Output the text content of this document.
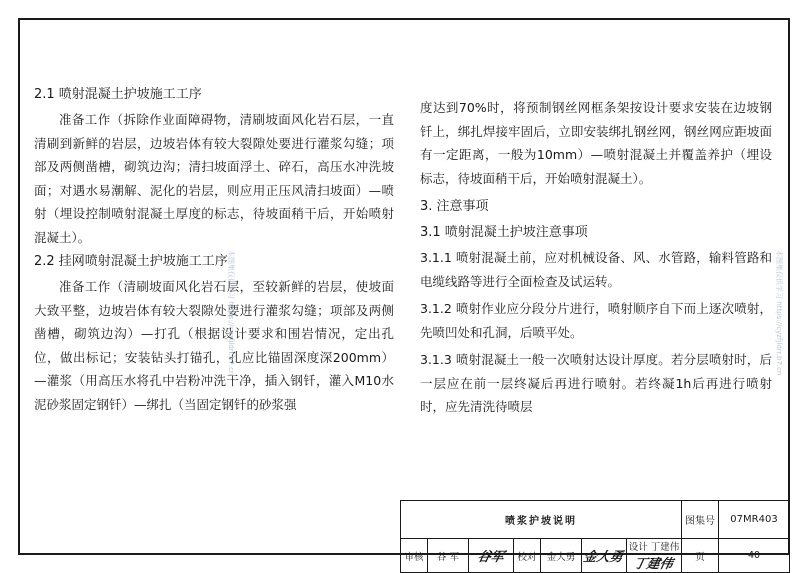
2.1 喷射混凝土护坡施工工序

准备工作（拆除作业面障碍物，清刷坡面风化岩石层，一直清刷到新鲜的岩层，边坡岩体有较大裂隙处要进行灌浆勾缝；项部及两侧凿槽，砌筑边沟；清扫坡面浮土、碎石，高压水冲洗坡面；对遇水易潮解、泥化的岩层，则应用正压风清扫坡面）—喷射（埋设控制喷射混凝土厚度的标志，待坡面稍干后，开始喷射混凝土）。

2.2 挂网喷射混凝土护坡施工工序

准备工作（清刷坡面风化岩石层，至较新鲜的岩层，使坡面大致平整，边坡岩体有较大裂隙处要进行灌浆勾缝；项部及两侧凿槽，砌筑边沟）—打孔（根据设计要求和围岩情况，定出孔位，做出标记；安装钻头打锚孔，孔应比锚固深度深200mm）—灌浆（用高压水将孔中岩粉冲洗干净，插入钢钎，灌入M10水泥砂浆固定钢钎）—绑扎（当固定钢钎的砂浆强

度达到70%时，将预制钢丝网框条架按设计要求安装在边坡钢钎上，绑扎焊接牢固后，立即安装绑扎钢丝网，钢丝网应距坡面有一定距离，一般为10mm）—喷射混凝土并覆盖养护（埋设标志，待坡面稍干后，开始喷射混凝土）。

3. 注意事项

3.1 喷射混凝土护坡注意事项

3.1.1 喷射混凝土前，应对机械设备、风、水管路，输料管路和电缆线路等进行全面检查及试运转。

3.1.2 喷射作业应分段分片进行，喷射顺序自下而上逐次喷射，先喷凹处和孔洞，后喷平处。

3.1.3 喷射混凝土一般一次喷射达设计厚度。若分层喷射时，后一层应在前一层终凝后再进行喷射。若终凝1h后再进行喷射时，应先清洗待喷层

本图集仅供学习 https://cyzfjldrr.b7.cn	本图集仅供学习 https://cyzfjldrr.b7.cn
喷浆护坡说明							图集号	07MR403
审核	谷 军	谷军	校对	金大勇	金大勇	设计 丁建伟 丁建伟	页	40
